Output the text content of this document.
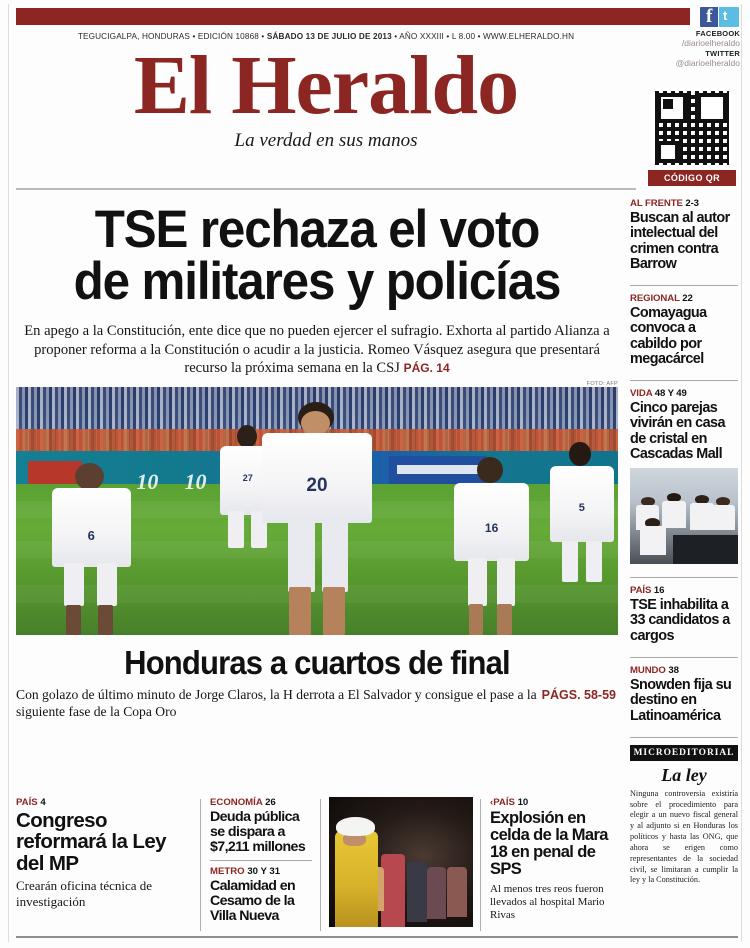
f t
FACEBOOK
/diarioelheraldo
TWITTER
@diarioelheraldo
CÓDIGO QR
TEGUCIGALPA, HONDURAS • EDICIÓN 10868 • SÁBADO 13 DE JULIO DE 2013 • AÑO XXXIII • L 8.00 • WWW.ELHERALDO.HN
El Heraldo
La verdad en sus manos
TSE rechaza el voto
de militares y policías
En apego a la Constitución, ente dice que no pueden ejercer el sufragio. Exhorta al partido Alianza a proponer reforma a la Constitución o acudir a la justicia. Romeo Vásquez asegura que presentará recurso la próxima semana en la CSJ PÁG. 14
FOTO: AFP
10 10
6
27	20
16
5
Honduras a cuartos de final
PÁGS. 58-59
Con golazo de último minuto de Jorge Claros, la H derrota a El Salvador y consigue el pase a la siguiente fase de la Copa Oro
AL FRENTE 2-3
Buscan al autor intelectual del crimen contra Barrow
REGIONAL 22
Comayagua convoca a cabildo por megacárcel
VIDA 48 Y 49
Cinco parejas vivirán en casa de cristal en Cascadas Mall
PAÍS 16
TSE inhabilita a 33 candidatos a cargos
MUNDO 38
Snowden fija su destino en Latinoamérica
MICROEDITORIAL
La ley
Ninguna controversia existiría sobre el procedimiento para elegir a un nuevo fiscal general y al adjunto si en Honduras los políticos y hasta las ONG, que ahora se erigen como representantes de la sociedad civil, se limitaran a cumplir la ley y la Constitución.
PAÍS 4
Congreso reformará la Ley del MP
Crearán oficina técnica de investigación
ECONOMÍA 26
Deuda pública se dispara a $7,211 millones
METRO 30 Y 31
Calamidad en Cesamo de la Villa Nueva
‹PAÍS 10
Explosión en celda de la Mara 18 en penal de SPS
Al menos tres reos fueron llevados al hospital Mario Rivas
